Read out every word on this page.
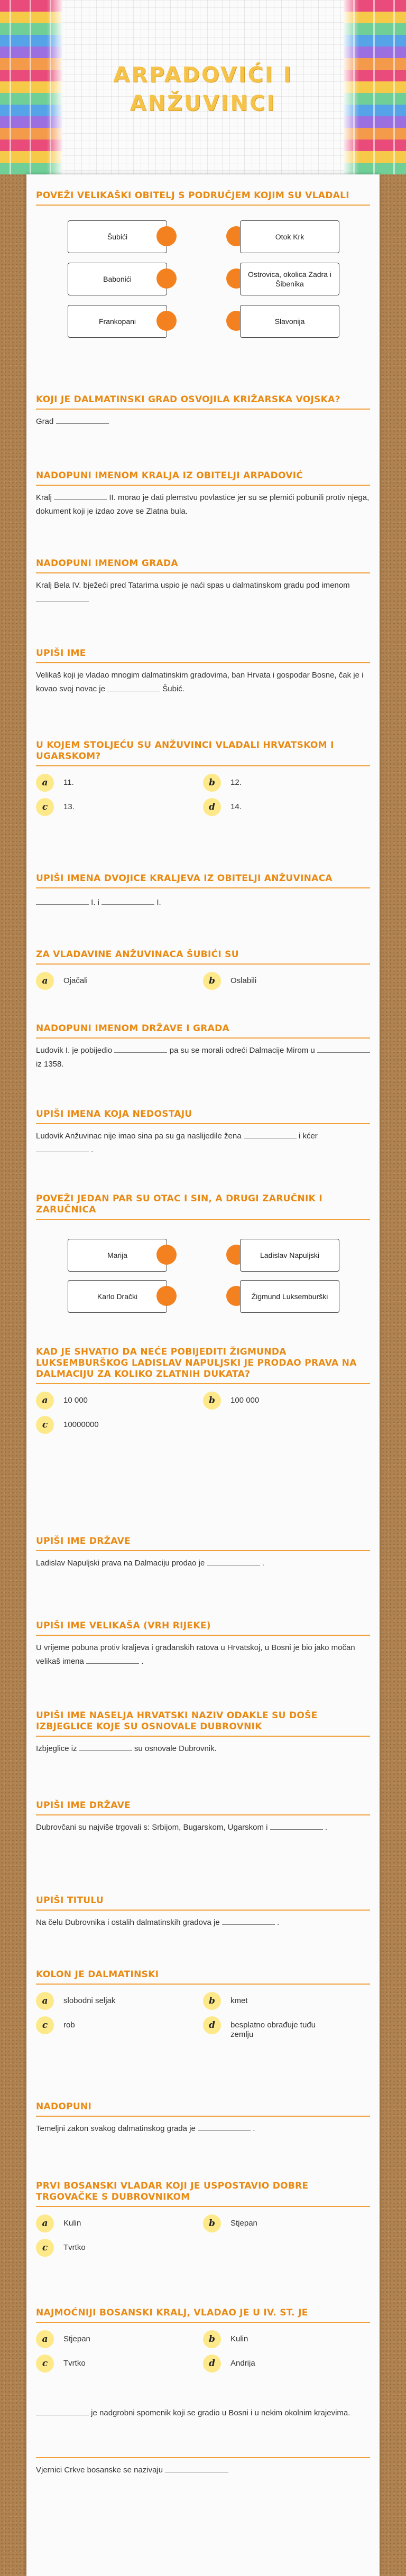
ARPADOVIĆI I ANŽUVINCI
POVEŽI VELIKAŠKI OBITELJ S PODRUČJEM KOJIM SU VLADALI
Šubići
Babonići
Frankopani
Otok Krk
Ostrovica, okolica Zadra i Šibenika
Slavonija
KOJI JE DALMATINSKI GRAD OSVOJILA KRIŽARSKA VOJSKA?
Grad
NADOPUNI IMENOM KRALJA IZ OBITELJI ARPADOVIĆ
Kralj	II. morao je dati plemstvu povlastice jer su se plemići pobunili protiv njega, dokument koji je izdao zove se Zlatna bula.
NADOPUNI IMENOM GRADA
Kralj Bela IV. bježeći pred Tatarima uspio je naći spas u dalmatinskom gradu pod imenom
UPIŠI IME
Velikaš koji je vladao mnogim dalmatinskim gradovima, ban Hrvata i gospodar Bosne, čak je i kovao svoj novac je	Šubić.
U KOJEM STOLJEĆU SU ANŽUVINCI VLADALI HRVATSKOM I UGARSKOM?
a	11.	b	12.
c	13.	d	14.
UPIŠI IMENA DVOJICE KRALJEVA IZ OBITELJI ANŽUVINACA
I. i	I.
ZA VLADAVINE ANŽUVINACA ŠUBIĆI SU
a	Ojačali	b	Oslabili
NADOPUNI IMENOM DRŽAVE I GRADA
Ludovik I. je pobijedio	pa su se morali odreći Dalmacije Mirom u  iz 1358.
UPIŠI IMENA KOJA NEDOSTAJU
Ludovik Anžuvinac nije imao sina pa su ga naslijedile žena	i kćer  .
POVEŽI JEDAN PAR SU OTAC I SIN, A DRUGI ZARUČNIK I ZARUČNICA
Marija
Karlo Drački
Ladislav Napuljski
Žigmund Luksemburški
KAD JE SHVATIO DA NEĆE POBIJEDITI ŽIGMUNDA LUKSEMBURŠKOG LADISLAV NAPULJSKI JE PRODAO PRAVA NA DALMACIJU ZA KOLIKO ZLATNIH DUKATA?
a	10 000	b	100 000
c	10000000
UPIŠI IME DRŽAVE
Ladislav Napuljski prava na Dalmaciju prodao je	.
UPIŠI IME VELIKAŠA (VRH RIJEKE)
U vrijeme pobuna protiv kraljeva i građanskih ratova u Hrvatskoj, u Bosni je bio jako močan velikaš imena	.
UPIŠI IME NASELJA HRVATSKI NAZIV ODAKLE SU DOŠE IZBJEGLICE KOJE SU OSNOVALE DUBROVNIK
Izbjeglice iz	su osnovale Dubrovnik.
UPIŠI IME DRŽAVE
Dubrovčani su najviše trgovali s: Srbijom, Bugarskom, Ugarskom i	.
UPIŠI TITULU
Na čelu Dubrovnika i ostalih dalmatinskih gradova je	.
KOLON JE DALMATINSKI
a	slobodni seljak	b	kmet
c	rob	d	besplatno obrađuje tuđu zemlju
NADOPUNI
Temeljni zakon svakog dalmatinskog grada je	.
PRVI BOSANSKI VLADAR KOJI JE USPOSTAVIO DOBRE TRGOVAČKE S DUBROVNIKOM
a	Kulin	b	Stjepan
c	Tvrtko
NAJMOĆNIJI BOSANSKI KRALJ, VLADAO JE U IV. ST. JE
a	Stjepan	b	Kulin
c	Tvrtko	d	Andrija
je nadgrobni spomenik koji se gradio u Bosni i u nekim okolnim krajevima.
Vjernici Crkve bosanske se nazivaju
